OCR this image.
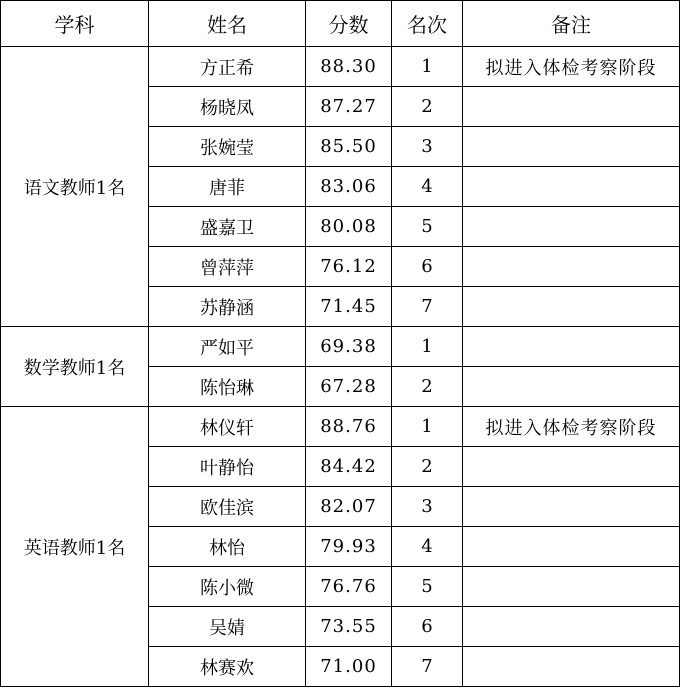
学科	姓名	分数	名次	备注
语文教师1名	方正希	88.30	1	拟进入体检考察阶段
	杨晓凤	87.27	2	
	张婉莹	85.50	3	
	唐菲	83.06	4	
	盛嘉卫	80.08	5	
	曾萍萍	76.12	6	
	苏静涵	71.45	7	
数学教师1名	严如平	69.38	1	
	陈怡琳	67.28	2	
英语教师1名	林仪轩	88.76	1	拟进入体检考察阶段
	叶静怡	84.42	2	
	欧佳滨	82.07	3	
	林怡	79.93	4	
	陈小微	76.76	5	
	吴婧	73.55	6	
	林赛欢	71.00	7	
